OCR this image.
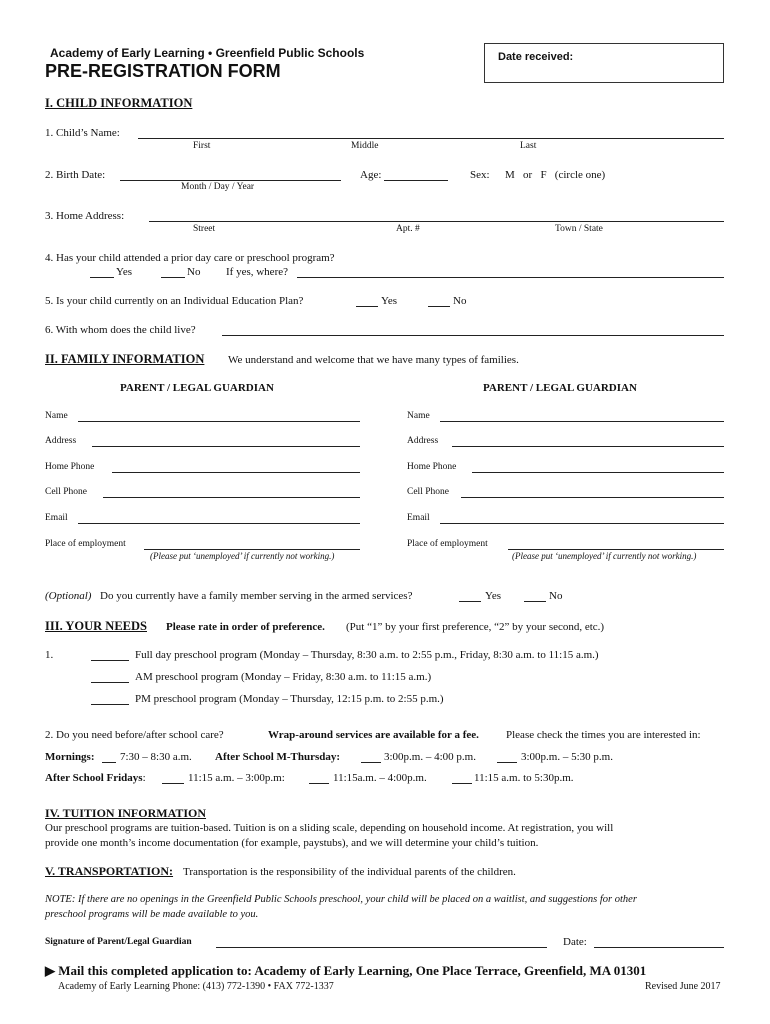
Academy of Early Learning • Greenfield Public Schools
PRE-REGISTRATION FORM
Date received:
I. CHILD INFORMATION
1. Child’s Name:
First	Middle	Last
2. Birth Date:
Month / Day / Year
Age:	Sex: M   or   F   (circle one)
3. Home Address:
Street	Apt. #	Town / State
4. Has your child attended a prior day care or preschool program?
Yes	No If yes, where?
5. Is your child currently on an Individual Education Plan?	Yes	No
6. With whom does the child live?
II. FAMILY INFORMATION We understand and welcome that we have many types of families.
PARENT / LEGAL GUARDIAN	PARENT / LEGAL GUARDIAN
Name
Address
Home Phone
Cell Phone
Email
Place of employment
(Please put ‘unemployed’ if currently not working.)
Name
Address
Home Phone
Cell Phone
Email
Place of employment
(Please put ‘unemployed’ if currently not working.)
(Optional) Do you currently have a family member serving in the armed services?	Yes	No
III. YOUR NEEDS Please rate in order of preference. (Put “1” by your first preference, “2” by your second, etc.)
1.	Full day preschool program (Monday – Thursday, 8:30 a.m. to 2:55 p.m., Friday, 8:30 a.m. to 11:15 a.m.)
AM preschool program (Monday – Friday, 8:30 a.m. to 11:15 a.m.)
PM preschool program (Monday – Thursday, 12:15 p.m. to 2:55 p.m.)
2. Do you need before/after school care?	Wrap-around services are available for a fee. Please check the times you are interested in:
Mornings: 7:30 – 8:30 a.m. After School M-Thursday:	3:00p.m. – 4:00 p.m.	3:00p.m. – 5:30 p.m.
After School Fridays:	11:15 a.m. – 3:00p.m:	11:15a.m. – 4:00p.m.	11:15 a.m. to 5:30p.m.
IV. TUITION INFORMATION
Our preschool programs are tuition-based. Tuition is on a sliding scale, depending on household income. At registration, you will
provide one month’s income documentation (for example, paystubs), and we will determine your child’s tuition.
V. TRANSPORTATION: Transportation is the responsibility of the individual parents of the children.
NOTE: If there are no openings in the Greenfield Public Schools preschool, your child will be placed on a waitlist, and suggestions for other
preschool programs will be made available to you.
Signature of Parent/Legal Guardian	Date:
▶ Mail this completed application to: Academy of Early Learning, One Place Terrace, Greenfield, MA 01301
Academy of Early Learning Phone: (413) 772-1390 • FAX 772-1337	Revised June 2017
